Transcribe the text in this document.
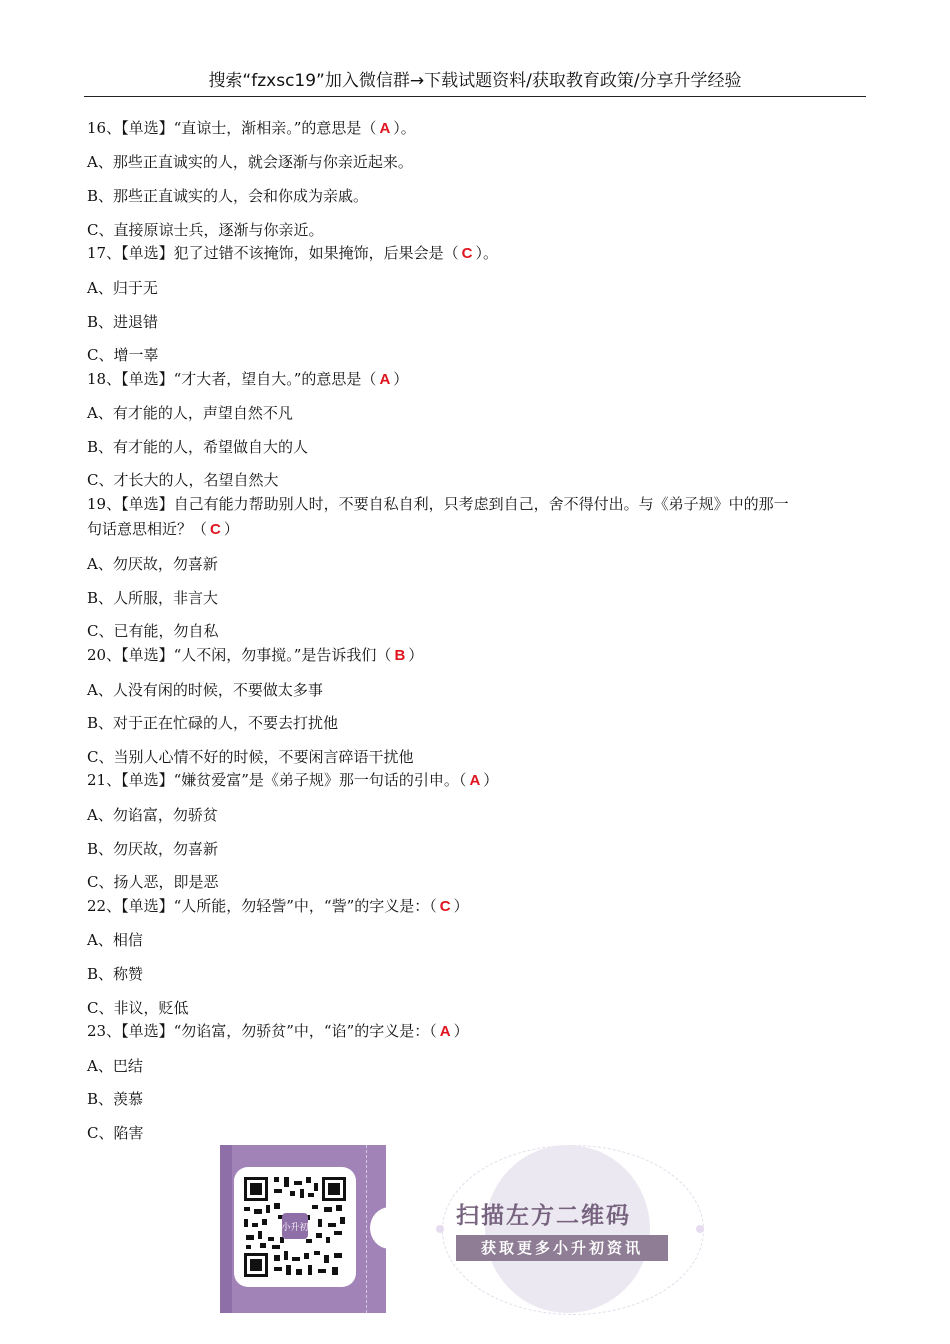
搜索“fzxsc19”加入微信群→下载试题资料/获取教育政策/分享升学经验
16、【单选】“直谅士，渐相亲。”的意思是（ A ）。
A、那些正直诚实的人，就会逐渐与你亲近起来。
B、那些正直诚实的人，会和你成为亲戚。
C、直接原谅士兵，逐渐与你亲近。
17、【单选】犯了过错不该掩饰，如果掩饰，后果会是（ C ）。
A、归于无
B、进退错
C、增一辜
18、【单选】“才大者，望自大。”的意思是（ A ）
A、有才能的人，声望自然不凡
B、有才能的人，希望做自大的人
C、才长大的人，名望自然大
19、【单选】自己有能力帮助别人时，不要自私自利，只考虑到自己，舍不得付出。与《弟子规》中的那一
句话意思相近？（ C ）
A、勿厌故，勿喜新
B、人所服，非言大
C、已有能，勿自私
20、【单选】“人不闲，勿事搅。”是告诉我们（ B ）
A、人没有闲的时候，不要做太多事
B、对于正在忙碌的人，不要去打扰他
C、当别人心情不好的时候，不要闲言碎语干扰他
21、【单选】“嫌贫爱富”是《弟子规》那一句话的引申。（ A ）
A、勿谄富，勿骄贫
B、勿厌故，勿喜新
C、扬人恶，即是恶
22、【单选】“人所能，勿轻訾”中，“訾”的字义是：（ C ）
A、相信
B、称赞
C、非议，贬低
23、【单选】“勿谄富，勿骄贫”中，“谄”的字义是：（ A ）
A、巴结
B、羡慕
C、陷害
小升初	扫描左方二维码
获取更多小升初资讯
